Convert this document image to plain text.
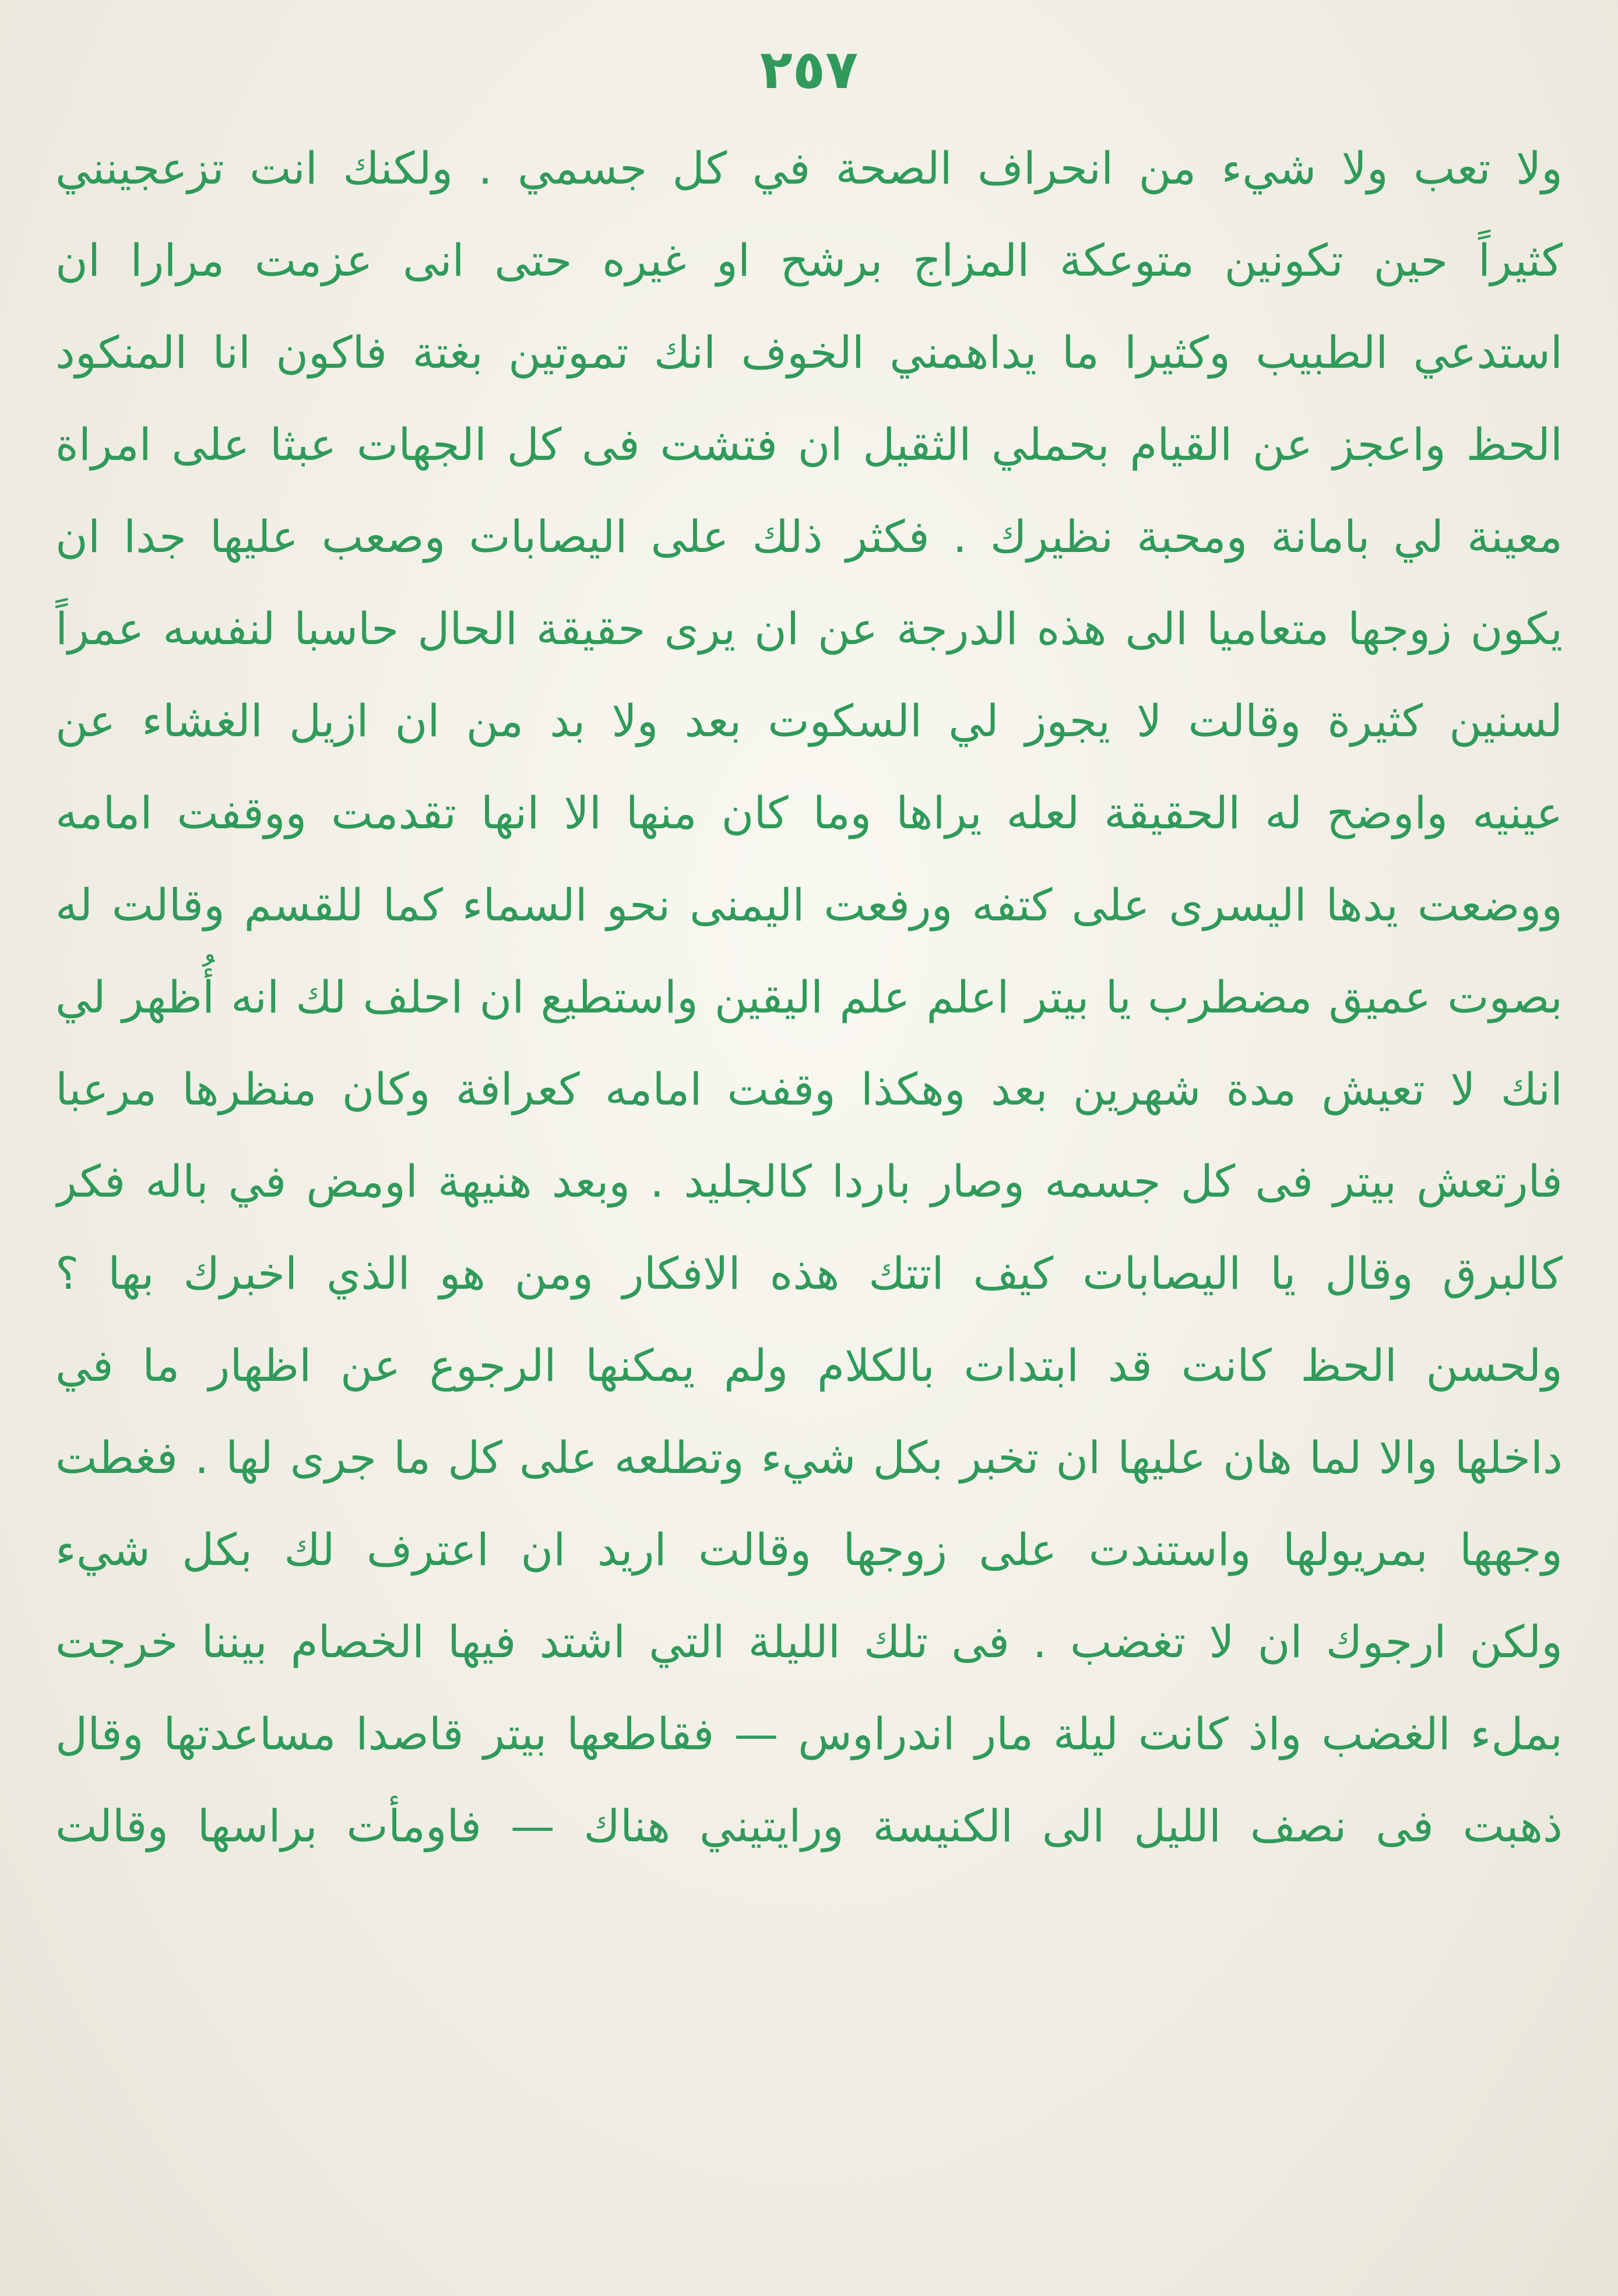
٢٥٧
ولا تعب ولا شيء من انحراف الصحة في كل جسمي . ولكنك انت تزعجينني
كثيراً حين تكونين متوعكة المزاج برشح او غيره حتى انى عزمت مرارا ان
استدعي الطبيب وكثيرا ما يداهمني الخوف انك تموتين بغتة فاكون انا المنكود
الحظ واعجز عن القيام بحملي الثقيل ان فتشت فى كل الجهات عبثا على امراة
معينة لي بامانة ومحبة نظيرك . فكثر ذلك على اليصابات وصعب عليها جدا ان
يكون زوجها متعاميا الى هذه الدرجة عن ان يرى حقيقة الحال حاسبا لنفسه عمراً
لسنين كثيرة وقالت لا يجوز لي السكوت بعد ولا بد من ان ازيل الغشاء عن
عينيه واوضح له الحقيقة لعله يراها وما كان منها الا انها تقدمت ووقفت امامه
ووضعت يدها اليسرى على كتفه ورفعت اليمنى نحو السماء كما للقسم وقالت له
بصوت عميق مضطرب يا بيتر اعلم علم اليقين واستطيع ان احلف لك انه أُظهر لي
انك لا تعيش مدة شهرين بعد وهكذا وقفت امامه كعرافة وكان منظرها مرعبا
فارتعش بيتر فى كل جسمه وصار باردا كالجليد . وبعد هنيهة اومض في باله فكر
كالبرق وقال يا اليصابات كيف اتتك هذه الافكار ومن هو الذي اخبرك بها ؟
ولحسن الحظ كانت قد ابتدات بالكلام ولم يمكنها الرجوع عن اظهار ما في
داخلها والا لما هان عليها ان تخبر بكل شيء وتطلعه على كل ما جرى لها . فغطت
وجهها بمريولها واستندت على زوجها وقالت اريد ان اعترف لك بكل شيء
ولكن ارجوك ان لا تغضب . فى تلك الليلة التي اشتد فيها الخصام بيننا خرجت
بملء الغضب واذ كانت ليلة مار اندراوس — فقاطعها بيتر قاصدا مساعدتها وقال
ذهبت فى نصف الليل الى الكنيسة ورايتيني هناك — فاومأت براسها وقالت
